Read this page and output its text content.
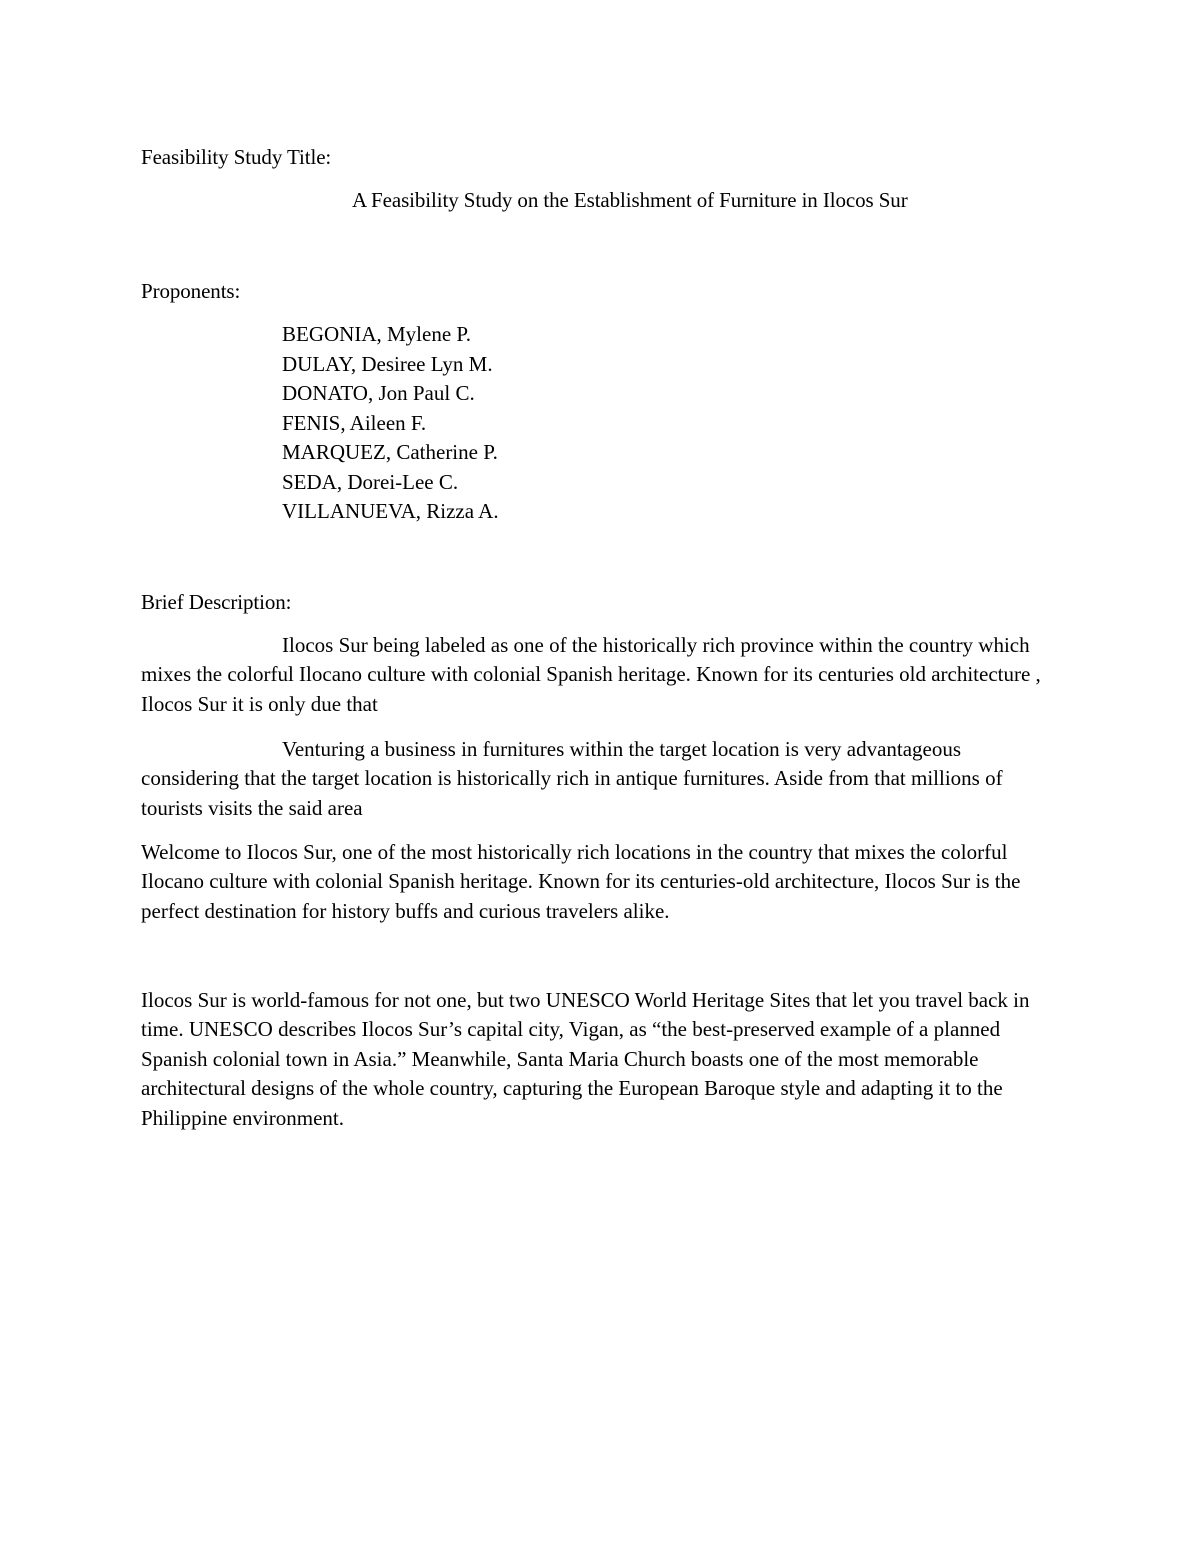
Feasibility Study Title:
A Feasibility Study on the Establishment of Furniture in Ilocos Sur
Proponents:
BEGONIA, Mylene P.
DULAY, Desiree Lyn M.
DONATO, Jon Paul C.
FENIS, Aileen F.
MARQUEZ, Catherine P.
SEDA, Dorei-Lee C.
VILLANUEVA, Rizza A.
Brief Description:

Ilocos Sur being labeled as one of the historically rich province within the country which mixes the colorful Ilocano culture with colonial Spanish heritage. Known for its centuries old architecture , Ilocos Sur it is only due that

Venturing a business in furnitures within the target location is very advantageous considering that the target location is historically rich in antique furnitures. Aside from that millions of tourists visits the said area

Welcome to Ilocos Sur, one of the most historically rich locations in the country that mixes the colorful Ilocano culture with colonial Spanish heritage. Known for its centuries-old architecture, Ilocos Sur is the perfect destination for history buffs and curious travelers alike.

Ilocos Sur is world-famous for not one, but two UNESCO World Heritage Sites that let you travel back in time. UNESCO describes Ilocos Sur’s capital city, Vigan, as “the best-preserved example of a planned Spanish colonial town in Asia.” Meanwhile, Santa Maria Church boasts one of the most memorable architectural designs of the whole country, capturing the European Baroque style and adapting it to the Philippine environment.
